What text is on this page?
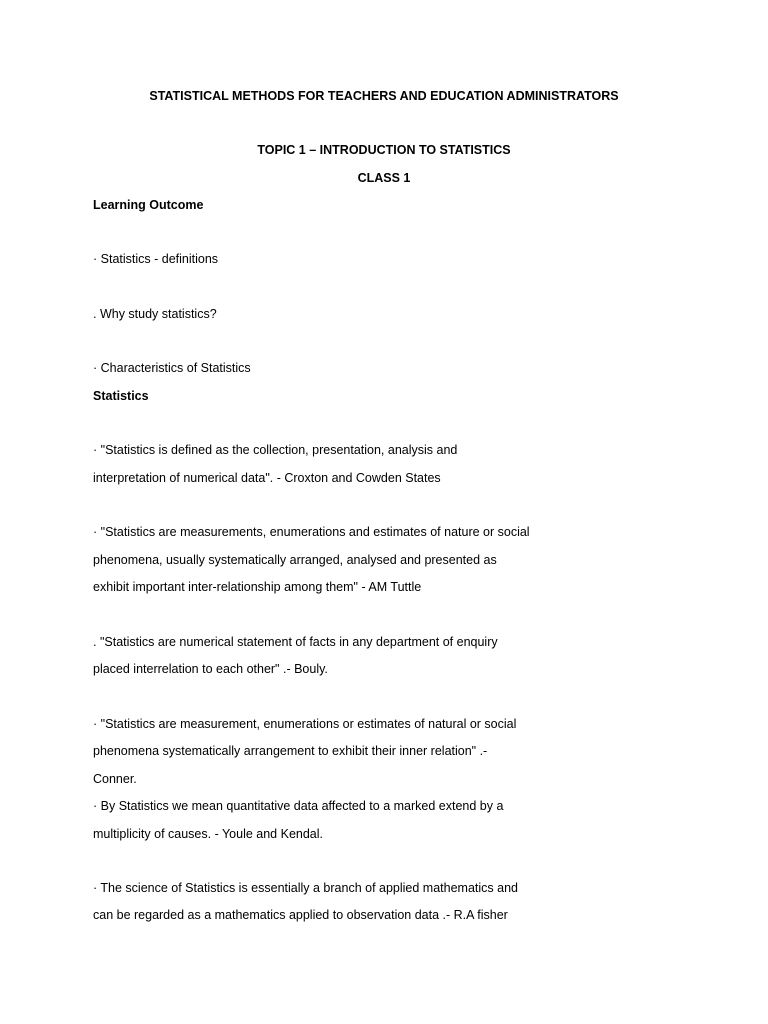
STATISTICAL METHODS FOR TEACHERS AND EDUCATION ADMINISTRATORS
TOPIC 1 – INTRODUCTION TO STATISTICS
CLASS 1
Learning Outcome
· Statistics - definitions
. Why study statistics?
· Characteristics of Statistics
Statistics
· "Statistics is defined as the collection, presentation, analysis and
interpretation of numerical data". - Croxton and Cowden States
· "Statistics are measurements, enumerations and estimates of nature or social
phenomena, usually systematically arranged, analysed and presented as
exhibit important inter-relationship among them" - AM Tuttle
. "Statistics are numerical statement of facts in any department of enquiry
placed interrelation to each other" .- Bouly.
· "Statistics are measurement, enumerations or estimates of natural or social
phenomena systematically arrangement to exhibit their inner relation" .-
Conner.
· By Statistics we mean quantitative data affected to a marked extend by a
multiplicity of causes. - Youle and Kendal.
· The science of Statistics is essentially a branch of applied mathematics and
can be regarded as a mathematics applied to observation data .- R.A fisher
